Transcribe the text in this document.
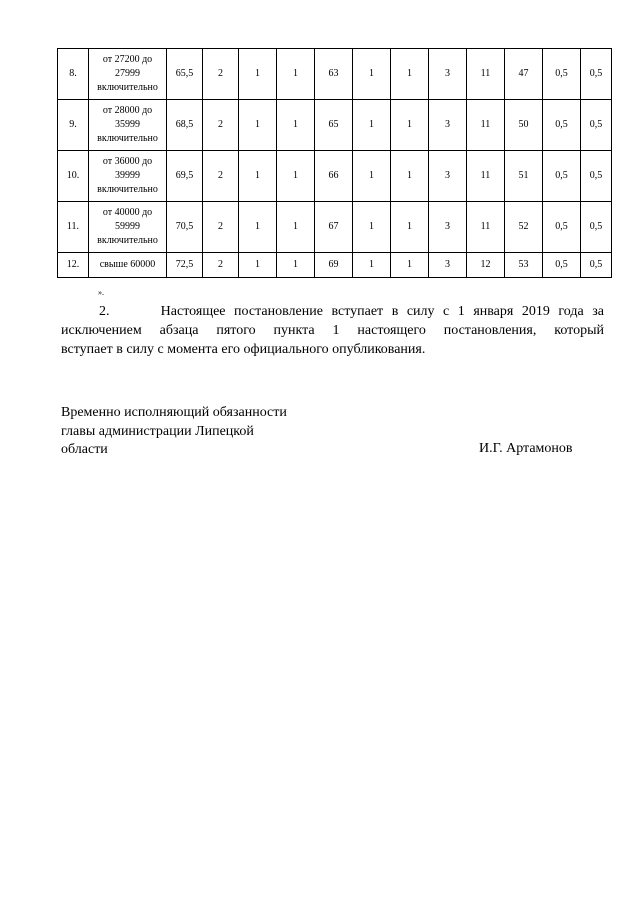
8.	от 27200 до
27999
включительно	65,5	2	1	1	63	1	1	3	11	47	0,5	0,5
9.	от 28000 до
35999
включительно	68,5	2	1	1	65	1	1	3	11	50	0,5	0,5
10.	от 36000 до
39999
включительно	69,5	2	1	1	66	1	1	3	11	51	0,5	0,5
11.	от 40000 до
59999
включительно	70,5	2	1	1	67	1	1	3	11	52	0,5	0,5
12.	свыше 60000	72,5	2	1	1	69	1	1	3	12	53	0,5	0,5
».
2.      Настоящее постановление вступает в силу с 1 января 2019 года за
исключением абзаца пятого пункта 1 настоящего постановления, который
вступает в силу с момента его официального опубликования.
Временно исполняющий обязанности
главы администрации Липецкой
области	И.Г. Артамонов
